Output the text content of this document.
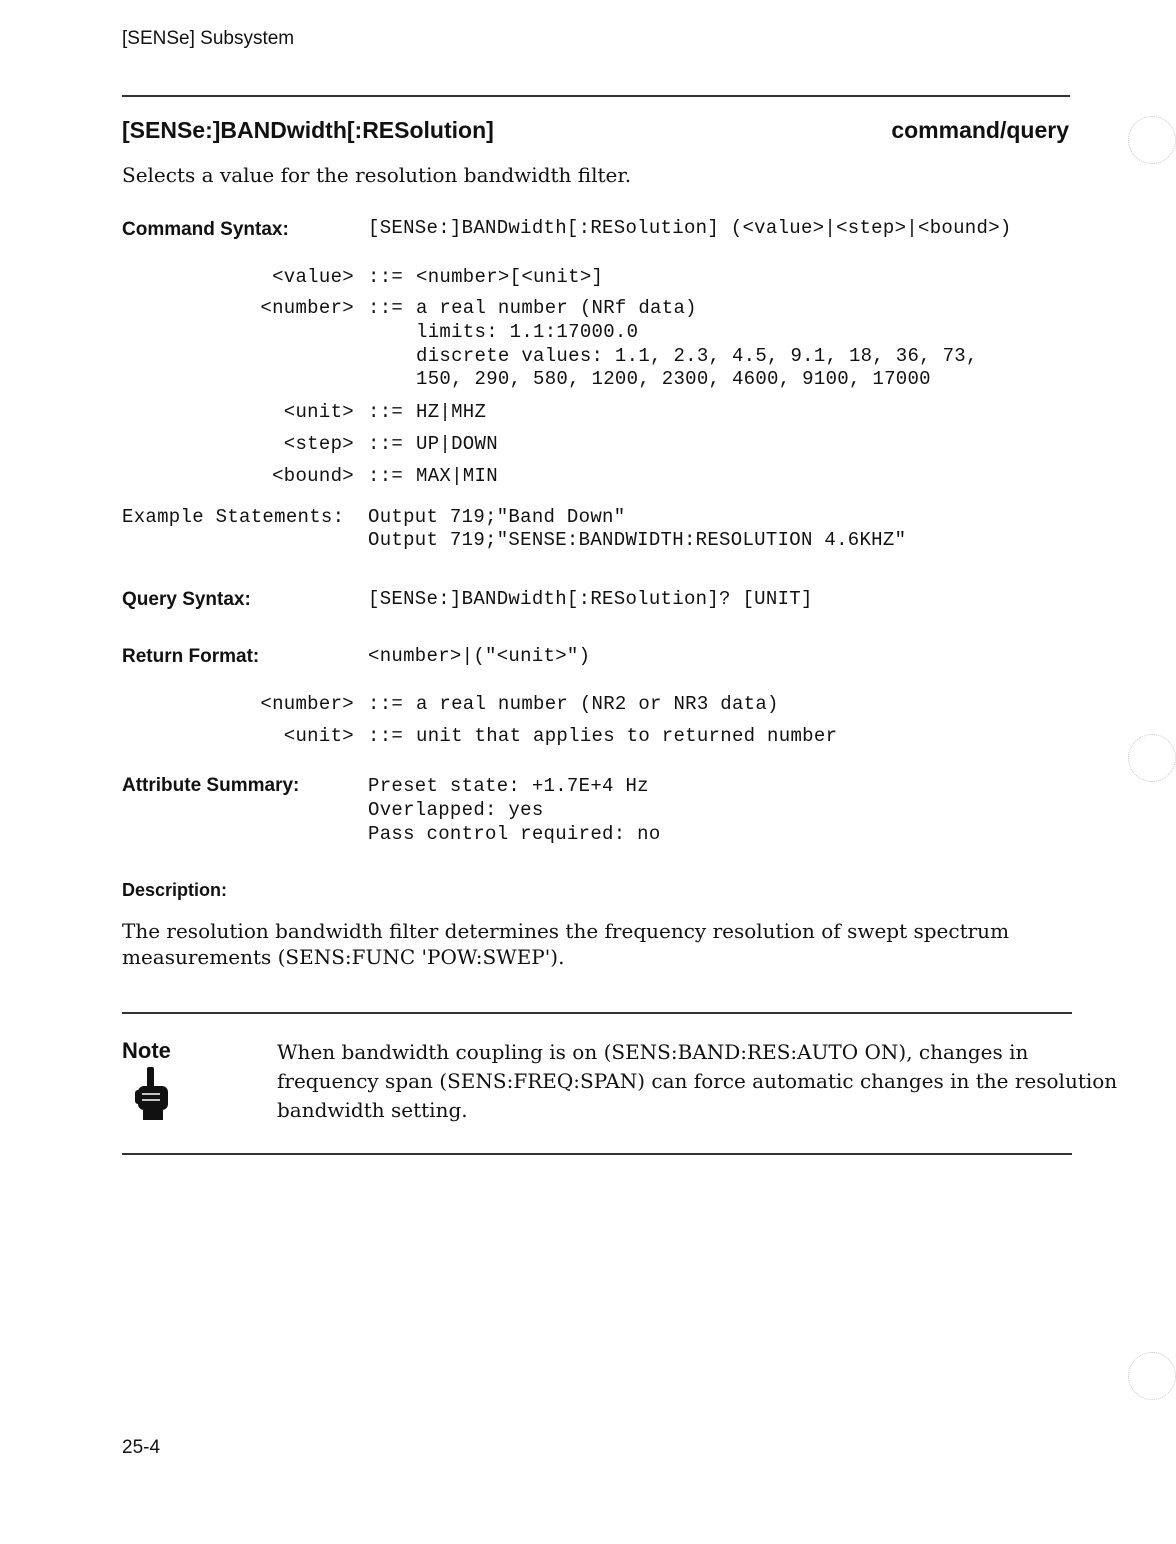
[SENSe] Subsystem
[SENSe:]BANDwidth[:RESolution]	command/query
Selects a value for the resolution bandwidth filter.
Command Syntax:	[SENSe:]BANDwidth[:RESolution] (<value>|<step>|<bound>)
<value> ::= <number>[<unit>]
<number> ::= a real number (NRf data)
limits: 1.1:17000.0
discrete values: 1.1, 2.3, 4.5, 9.1, 18, 36, 73,
150, 290, 580, 1200, 2300, 4600, 9100, 17000
<unit> ::= HZ|MHZ
<step> ::= UP|DOWN
<bound> ::= MAX|MIN
Example Statements: Output 719;"Band Down"
Output 719;"SENSE:BANDWIDTH:RESOLUTION 4.6KHZ"
Query Syntax:	[SENSe:]BANDwidth[:RESolution]? [UNIT]
Return Format:	<number>|("<unit>")
<number> ::= a real number (NR2 or NR3 data)
<unit> ::= unit that applies to returned number
Attribute Summary:	Preset state: +1.7E+4 Hz
Overlapped: yes
Pass control required: no
Description:
The resolution bandwidth filter determines the frequency resolution of swept spectrum
measurements (SENS:FUNC 'POW:SWEP').
Note	When bandwidth coupling is on (SENS:BAND:RES:AUTO ON), changes in
frequency span (SENS:FREQ:SPAN) can force automatic changes in the resolution
bandwidth setting.
25-4
